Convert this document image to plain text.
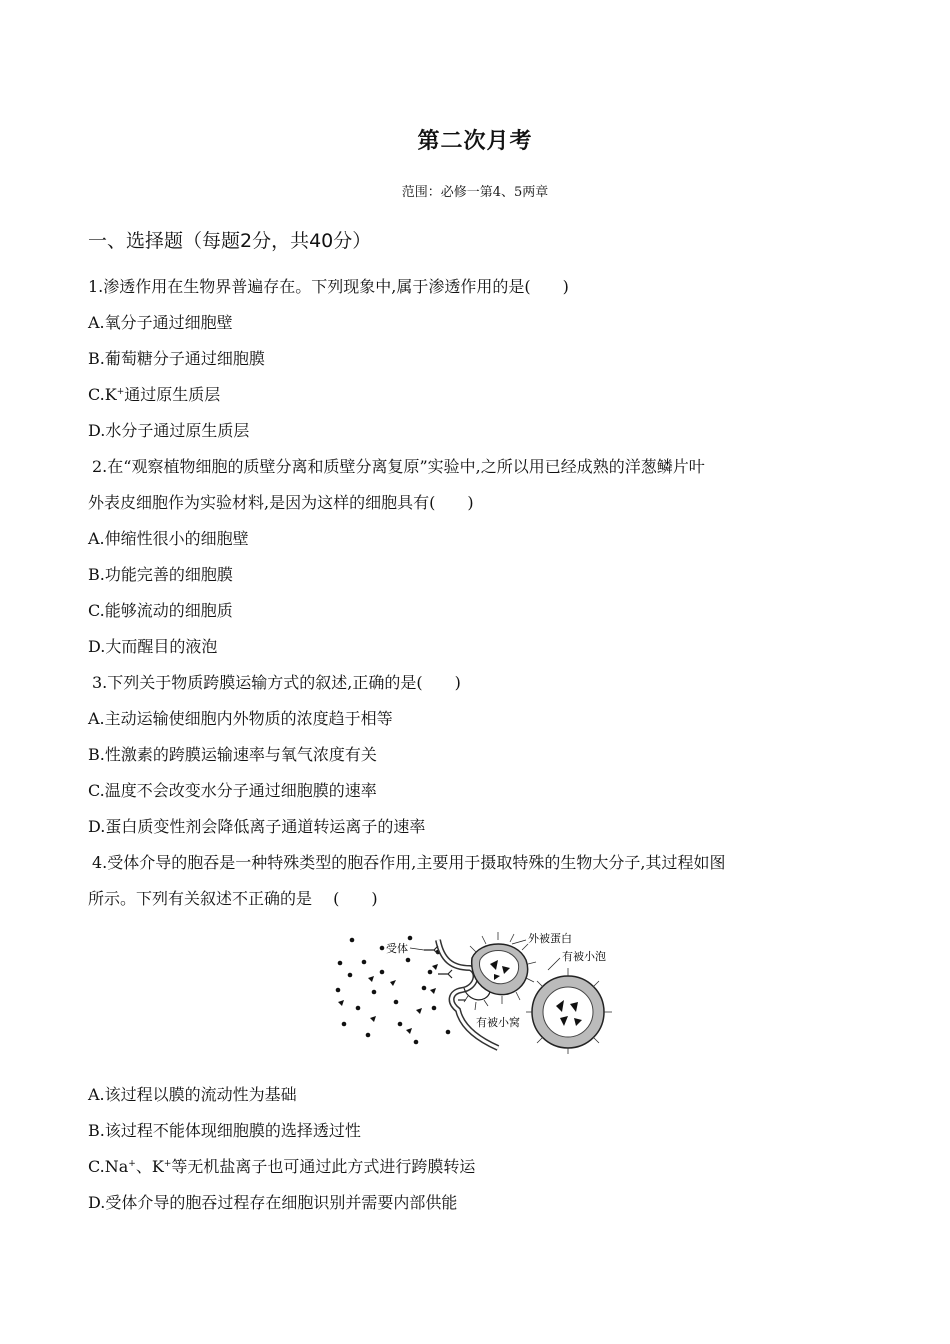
第二次月考
范围：必修一第4、5两章
一、选择题（每题2分，共40分）
1.渗透作用在生物界普遍存在。下列现象中,属于渗透作用的是(　　)
A.氧分子通过细胞壁
B.葡萄糖分子通过细胞膜
C.K+通过原生质层
D.水分子通过原生质层
2.在“观察植物细胞的质壁分离和质壁分离复原”实验中,之所以用已经成熟的洋葱鳞片叶
外表皮细胞作为实验材料,是因为这样的细胞具有(　　)
A.伸缩性很小的细胞壁
B.功能完善的细胞膜
C.能够流动的细胞质
D.大而醒目的液泡
3.下列关于物质跨膜运输方式的叙述,正确的是(　　)
A.主动运输使细胞内外物质的浓度趋于相等
B.性激素的跨膜运输速率与氧气浓度有关
C.温度不会改变水分子通过细胞膜的速率
D.蛋白质变性剂会降低离子通道转运离子的速率
4.受体介导的胞吞是一种特殊类型的胞吞作用,主要用于摄取特殊的生物大分子,其过程如图
所示。下列有关叙述不正确的是　 (　　)
受体
外被蛋白
有被小泡
有被小窝
A.该过程以膜的流动性为基础
B.该过程不能体现细胞膜的选择透过性
C.Na+、K+等无机盐离子也可通过此方式进行跨膜转运
D.受体介导的胞吞过程存在细胞识别并需要内部供能
